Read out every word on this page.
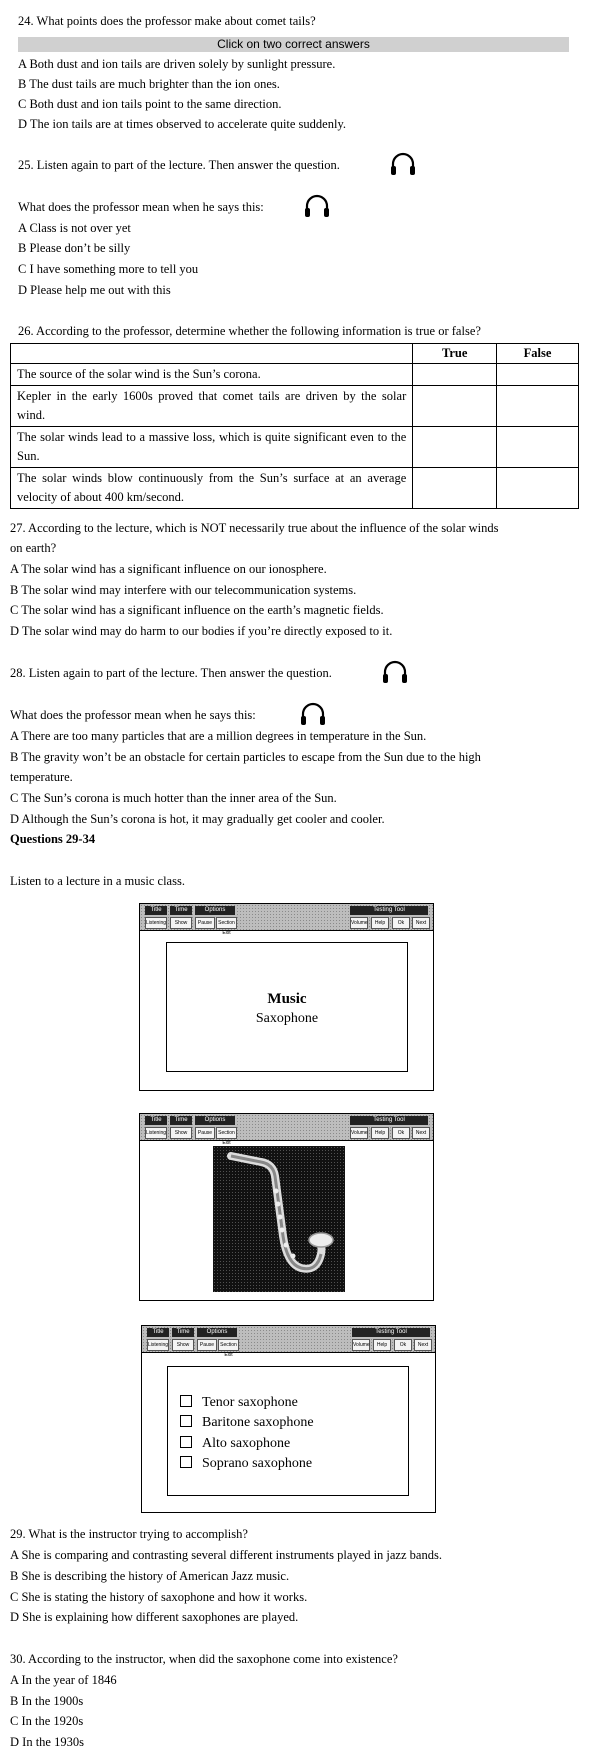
24. What points does the professor make about comet tails?
Click on two correct answers
A Both dust and ion tails are driven solely by sunlight pressure.
B The dust tails are much brighter than the ion ones.
C Both dust and ion tails point to the same direction.
D The ion tails are at times observed to accelerate quite suddenly.
25. Listen again to part of the lecture. Then answer the question.
What does the professor mean when he says this:
A Class is not over yet
B Please don’t be silly
C I have something more to tell you
D Please help me out with this
26. According to the professor, determine whether the following information is true or false?
	True	False
The source of the solar wind is the Sun’s corona.		
Kepler in the early 1600s proved that comet tails are driven by the solar wind.		
The solar winds lead to a massive loss, which is quite significant even to the Sun.		
The solar winds blow continuously from the Sun’s surface at an average velocity of about 400 km/second.		
27. According to the lecture, which is NOT necessarily true about the influence of the solar winds
on earth?
A The solar wind has a significant influence on our ionosphere.
B The solar wind may interfere with our telecommunication systems.
C The solar wind has a significant influence on the earth’s magnetic fields.
D The solar wind may do harm to our bodies if you’re directly exposed to it.
28. Listen again to part of the lecture. Then answer the question.
What does the professor mean when he says this:
A There are too many particles that are a million degrees in temperature in the Sun.
B The gravity won’t be an obstacle for certain particles to escape from the Sun due to the high
temperature.
C The Sun’s corona is much hotter than the inner area of the Sun.
D Although the Sun’s corona is hot, it may gradually get cooler and cooler.
Questions 29-34
Listen to a lecture in a music class.
Title	Time	Options
Listening	Show	Pause	Section Exit
Testing Tool
Volume	Help	Ok	Next
Music
Saxophone
Title	Time	Options
Listening	Show	Pause	Section Exit
Testing Tool
Volume	Help	Ok	Next
Title	Time	Options
Listening	Show	Pause	Section Exit
Testing Tool
Volume	Help	Ok	Next
Tenor saxophone
Baritone saxophone
Alto saxophone
Soprano saxophone
29. What is the instructor trying to accomplish?
A She is comparing and contrasting several different instruments played in jazz bands.
B She is describing the history of American Jazz music.
C She is stating the history of saxophone and how it works.
D She is explaining how different saxophones are played.
30. According to the instructor, when did the saxophone come into existence?
A In the year of 1846
B In the 1900s
C In the 1920s
D In the 1930s
